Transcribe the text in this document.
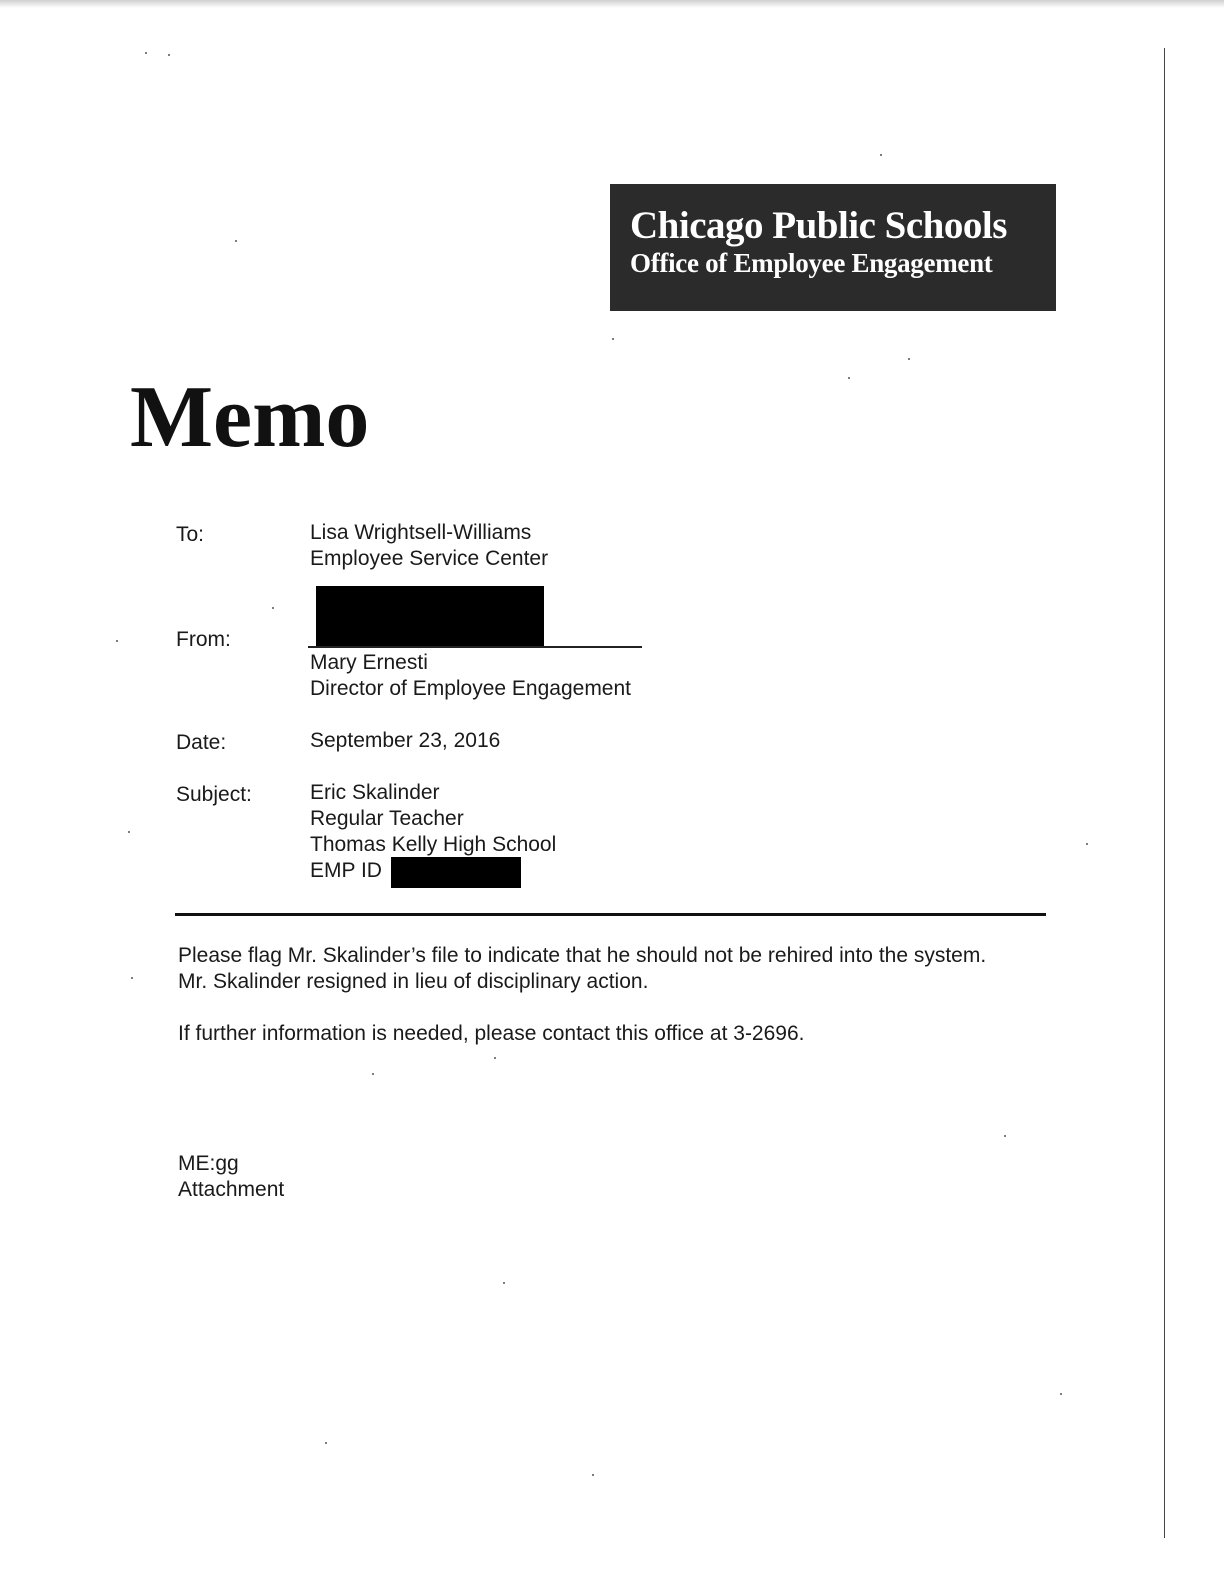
Chicago Public Schools
Office of Employee Engagement
Memo
To:	Lisa Wrightsell-Williams
Employee Service Center
From:
Mary Ernesti
Director of Employee Engagement
Date:	September 23, 2016
Subject:	Eric Skalinder
Regular Teacher
Thomas Kelly High School
EMP ID
Please flag Mr. Skalinder’s file to indicate that he should not be rehired into the system.
Mr. Skalinder resigned in lieu of disciplinary action.
If further information is needed, please contact this office at 3-2696.
ME:gg
Attachment
